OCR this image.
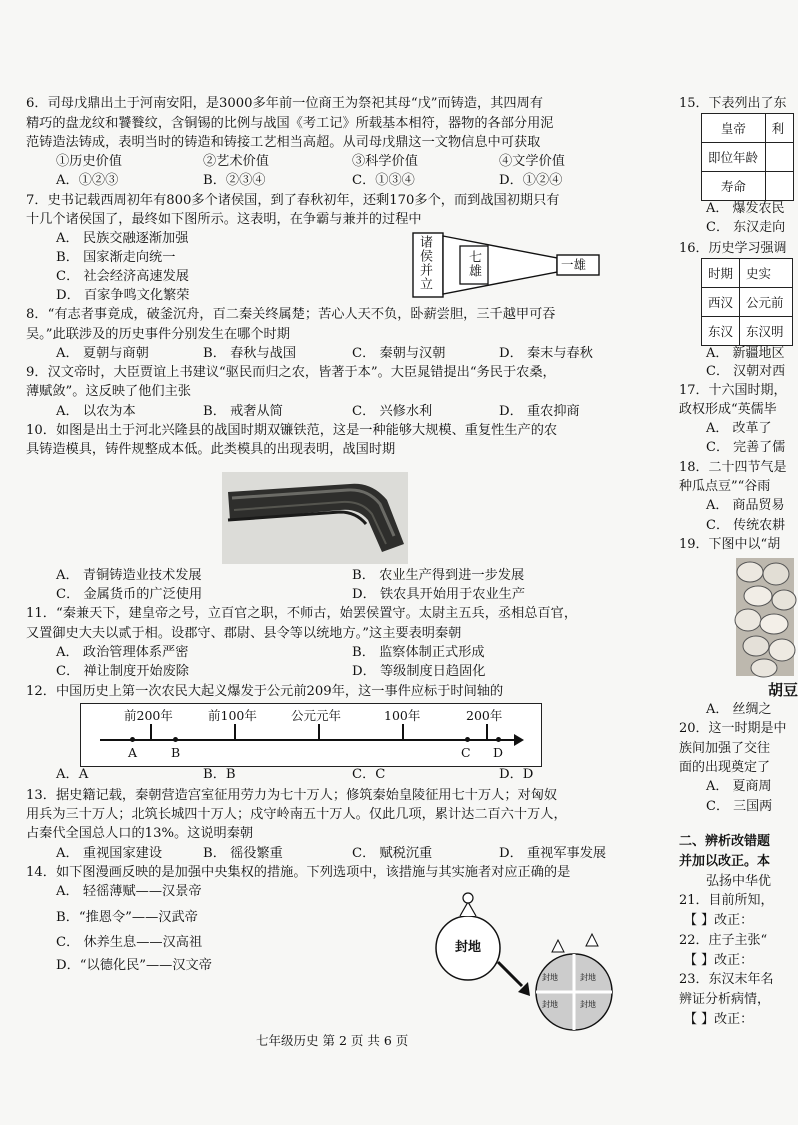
6．司母戊鼎出土于河南安阳，是3000多年前一位商王为祭祀其母“戊”而铸造，其四周有
精巧的盘龙纹和饕餮纹，含铜锡的比例与战国《考工记》所载基本相符，器物的各部分用泥
范铸造法铸成，表明当时的铸造和铸接工艺相当高超。从司母戊鼎这一文物信息中可获取
①历史价值	②艺术价值	③科学价值	④文学价值
A．①②③	B．②③④	C．①③④	D．①②④
7．史书记载西周初年有800多个诸侯国，到了春秋初年，还剩170多个，而到战国初期只有
十几个诸侯国了，最终如下图所示。这表明，在争霸与兼并的过程中
A． 民族交融逐渐加强
B． 国家渐走向统一
C． 社会经济高速发展
D． 百家争鸣文化繁荣
诸侯并立	七雄	一雄
8．“有志者事竟成，破釜沉舟，百二秦关终属楚；苦心人天不负，卧薪尝胆，三千越甲可吞
吴。”此联涉及的历史事件分别发生在哪个时期
A． 夏朝与商朝	B． 春秋与战国	C． 秦朝与汉朝	D． 秦末与春秋
9．汉文帝时，大臣贾谊上书建议“驱民而归之农，皆著于本”。大臣晁错提出“务民于农桑，
薄赋敛”。这反映了他们主张
A． 以农为本	B． 戒奢从简	C． 兴修水利	D． 重农抑商
10．如图是出土于河北兴隆县的战国时期双镰铁范，这是一种能够大规模、重复性生产的农
具铸造模具，铸件规整成本低。此类模具的出现表明，战国时期
A． 青铜铸造业技术发展	B． 农业生产得到进一步发展
C． 金属货币的广泛使用	D． 铁农具开始用于农业生产
11．“秦兼天下，建皇帝之号，立百官之职，不师古，始罢侯置守。太尉主五兵，丞相总百官，
又置御史大夫以贰于相。设郡守、郡尉、县令等以统地方。”这主要表明秦朝
A． 政治管理体系严密	B． 监察体制正式形成
C． 禅让制度开始废除	D． 等级制度日趋固化
12．中国历史上第一次农民大起义爆发于公元前209年，这一事件应标于时间轴的
前200年	前100年	公元元年	100年	200年
A	B	C D
A．A	B．B	C．C	D．D
13．据史籍记载，秦朝营造宫室征用劳力为七十万人；修筑秦始皇陵征用七十万人；对匈奴
用兵为三十万人；北筑长城四十万人；戍守岭南五十万人。仅此几项，累计达二百六十万人，
占秦代全国总人口的13%。这说明秦朝
A． 重视国家建设	B． 徭役繁重	C． 赋税沉重	D． 重视军事发展
14．如下图漫画反映的是加强中央集权的措施。下列选项中，该措施与其实施者对应正确的是
A． 轻徭薄赋——汉景帝
B．“推恩令”——汉武帝
C． 休养生息——汉高祖
D．“以德化民”——汉文帝
封地
封地	封地
封地	封地
七年级历史 第 2 页 共 6 页
15．下表列出了东
皇帝	利
即位年龄	
寿命	
A． 爆发农民
C． 东汉走向
16．历史学习强调
时期	史实
西汉	公元前
东汉	东汉明
A． 新疆地区
C． 汉朝对西
17．十六国时期，
政权形成“英儒毕
A． 改革了
C． 完善了儒
18．二十四节气是
种瓜点豆”“谷雨
A． 商品贸易
C． 传统农耕
19．下图中以“胡
胡豆
A． 丝绸之
20．这一时期是中
族间加强了交往
面的出现奠定了
A． 夏商周
C． 三国两
二、辨析改错题
并加以改正。本
弘扬中华优
21．目前所知，
【 】改正：
22．庄子主张“
【 】改正：
23．东汉末年名
辨证分析病情，
【 】改正：
